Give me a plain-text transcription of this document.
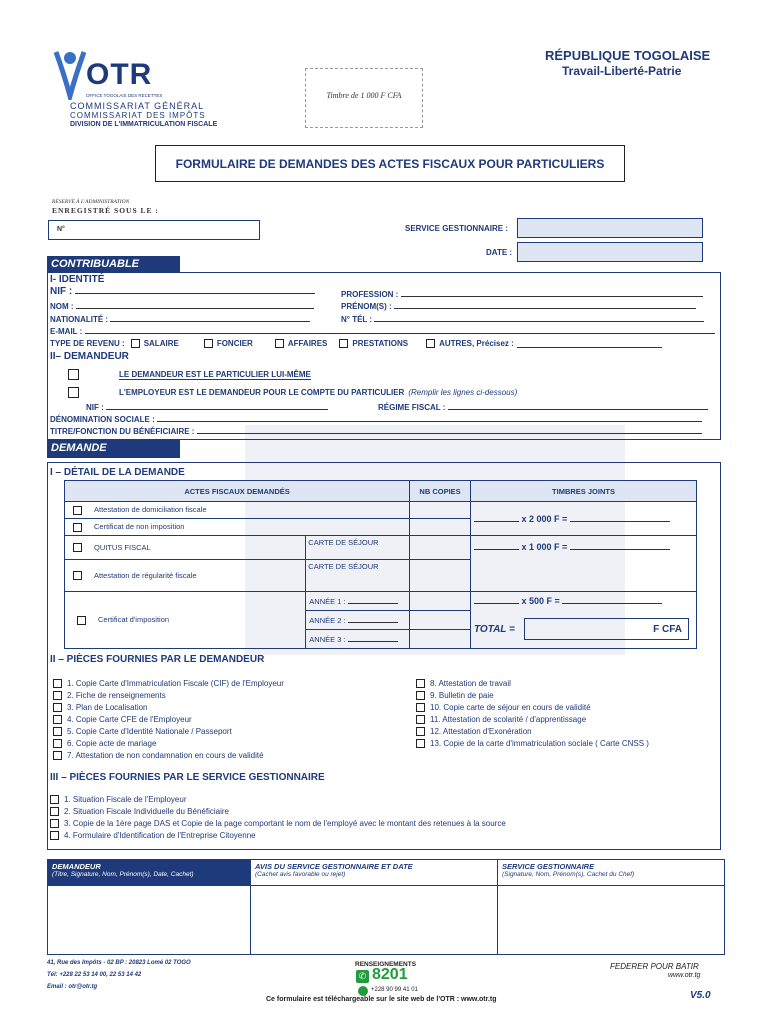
OTR
OFFICE TOGOLAIS DES RECETTES
COMMISSARIAT GÉNÉRAL
COMMISSARIAT DES IMPÔTS
DIVISION DE L'IMMATRICULATION FISCALE
Timbre de 1 000 F CFA
RÉPUBLIQUE TOGOLAISE
Travail-Liberté-Patrie
FORMULAIRE DE DEMANDES DES ACTES FISCAUX POUR PARTICULIERS
RÉSERVÉ À L'ADMINISTRATION
ENREGISTRÉ SOUS LE :
N°	SERVICE GESTIONNAIRE :
DATE :
CONTRIBUABLE
I- IDENTITÉ
NIF :
NOM :
NATIONALITÉ :
E-MAIL :
PROFESSION :
PRÉNOM(S) :
N° TÉL :
TYPE DE REVENU : SALAIRE	FONCIER	AFFAIRES	PRESTATIONS	AUTRES, Précisez :
II– DEMANDEUR
LE DEMANDEUR EST LE PARTICULIER LUI-MÊME
L'EMPLOYEUR EST LE DEMANDEUR POUR LE COMPTE DU PARTICULIER (Remplir les lignes ci-dessous)
NIF :	RÉGIME FISCAL :
DÉNOMINATION SOCIALE :
TITRE/FONCTION DU BÉNÉFICIAIRE :
DEMANDE
I – DÉTAIL DE LA DEMANDE
ACTES FISCAUX DEMANDÉS		NB COPIES	TIMBRES JOINTS
Attestation de domiciliation fiscale			x 2 000 F =
Certificat de non imposition			
QUITUS FISCAL	CARTE DE SÉJOUR		x 1 000 F =
Attestation de régularité fiscale	CARTE DE SÉJOUR		
Certificat d'imposition	ANNÉE 1 :		x 500 F =
	ANNÉE 2 :		TOTAL = F CFA

	ANNÉE 3 :		
II – PIÈCES FOURNIES PAR LE DEMANDEUR
1. Copie Carte d'Immatriculation Fiscale (CIF) de l'Employeur
2. Fiche de renseignements
3. Plan de Localisation
4. Copie Carte CFE de l'Employeur
5. Copie Carte d'Identité Nationale / Passeport
6. Copie acte de mariage
7. Attestation de non condamnation en cours de validité
8. Attestation de travail
9. Bulletin de paie
10. Copie carte de séjour en cours de validité
11. Attestation de scolarité / d'apprentissage
12. Attestation d'Exonération
13. Copie de la carte d'immatriculation sociale ( Carte CNSS )
III – PIÈCES FOURNIES PAR LE SERVICE GESTIONNAIRE
1. Situation Fiscale de l'Employeur
2. Situation Fiscale Individuelle du Bénéficiaire
3. Copie de la 1ère page DAS et Copie de la page comportant le nom de l'employé avec le montant des retenues à la source
4. Formulaire d'Identification de l'Entreprise Citoyenne
DEMANDEUR
(Titre, Signature, Nom, Prénom(s), Date, Cachet)
AVIS DU SERVICE GESTIONNAIRE ET DATE
(Cachet avis favorable ou rejet)
SERVICE GESTIONNAIRE
(Signature, Nom, Prénom(s), Cachet du Chef)
41, Rue des Impôts - 02 BP : 20823 Lomé 02 TOGO
Tél: +228 22 53 14 00, 22 53 14 42
Email : otr@otr.tg
RENSEIGNEMENTS
✆ 8201
+228 90 99 41 01
FEDERER POUR BATIR
www.otr.tg
Ce formulaire est téléchargeable sur le site web de l'OTR : www.otr.tg	V5.0
